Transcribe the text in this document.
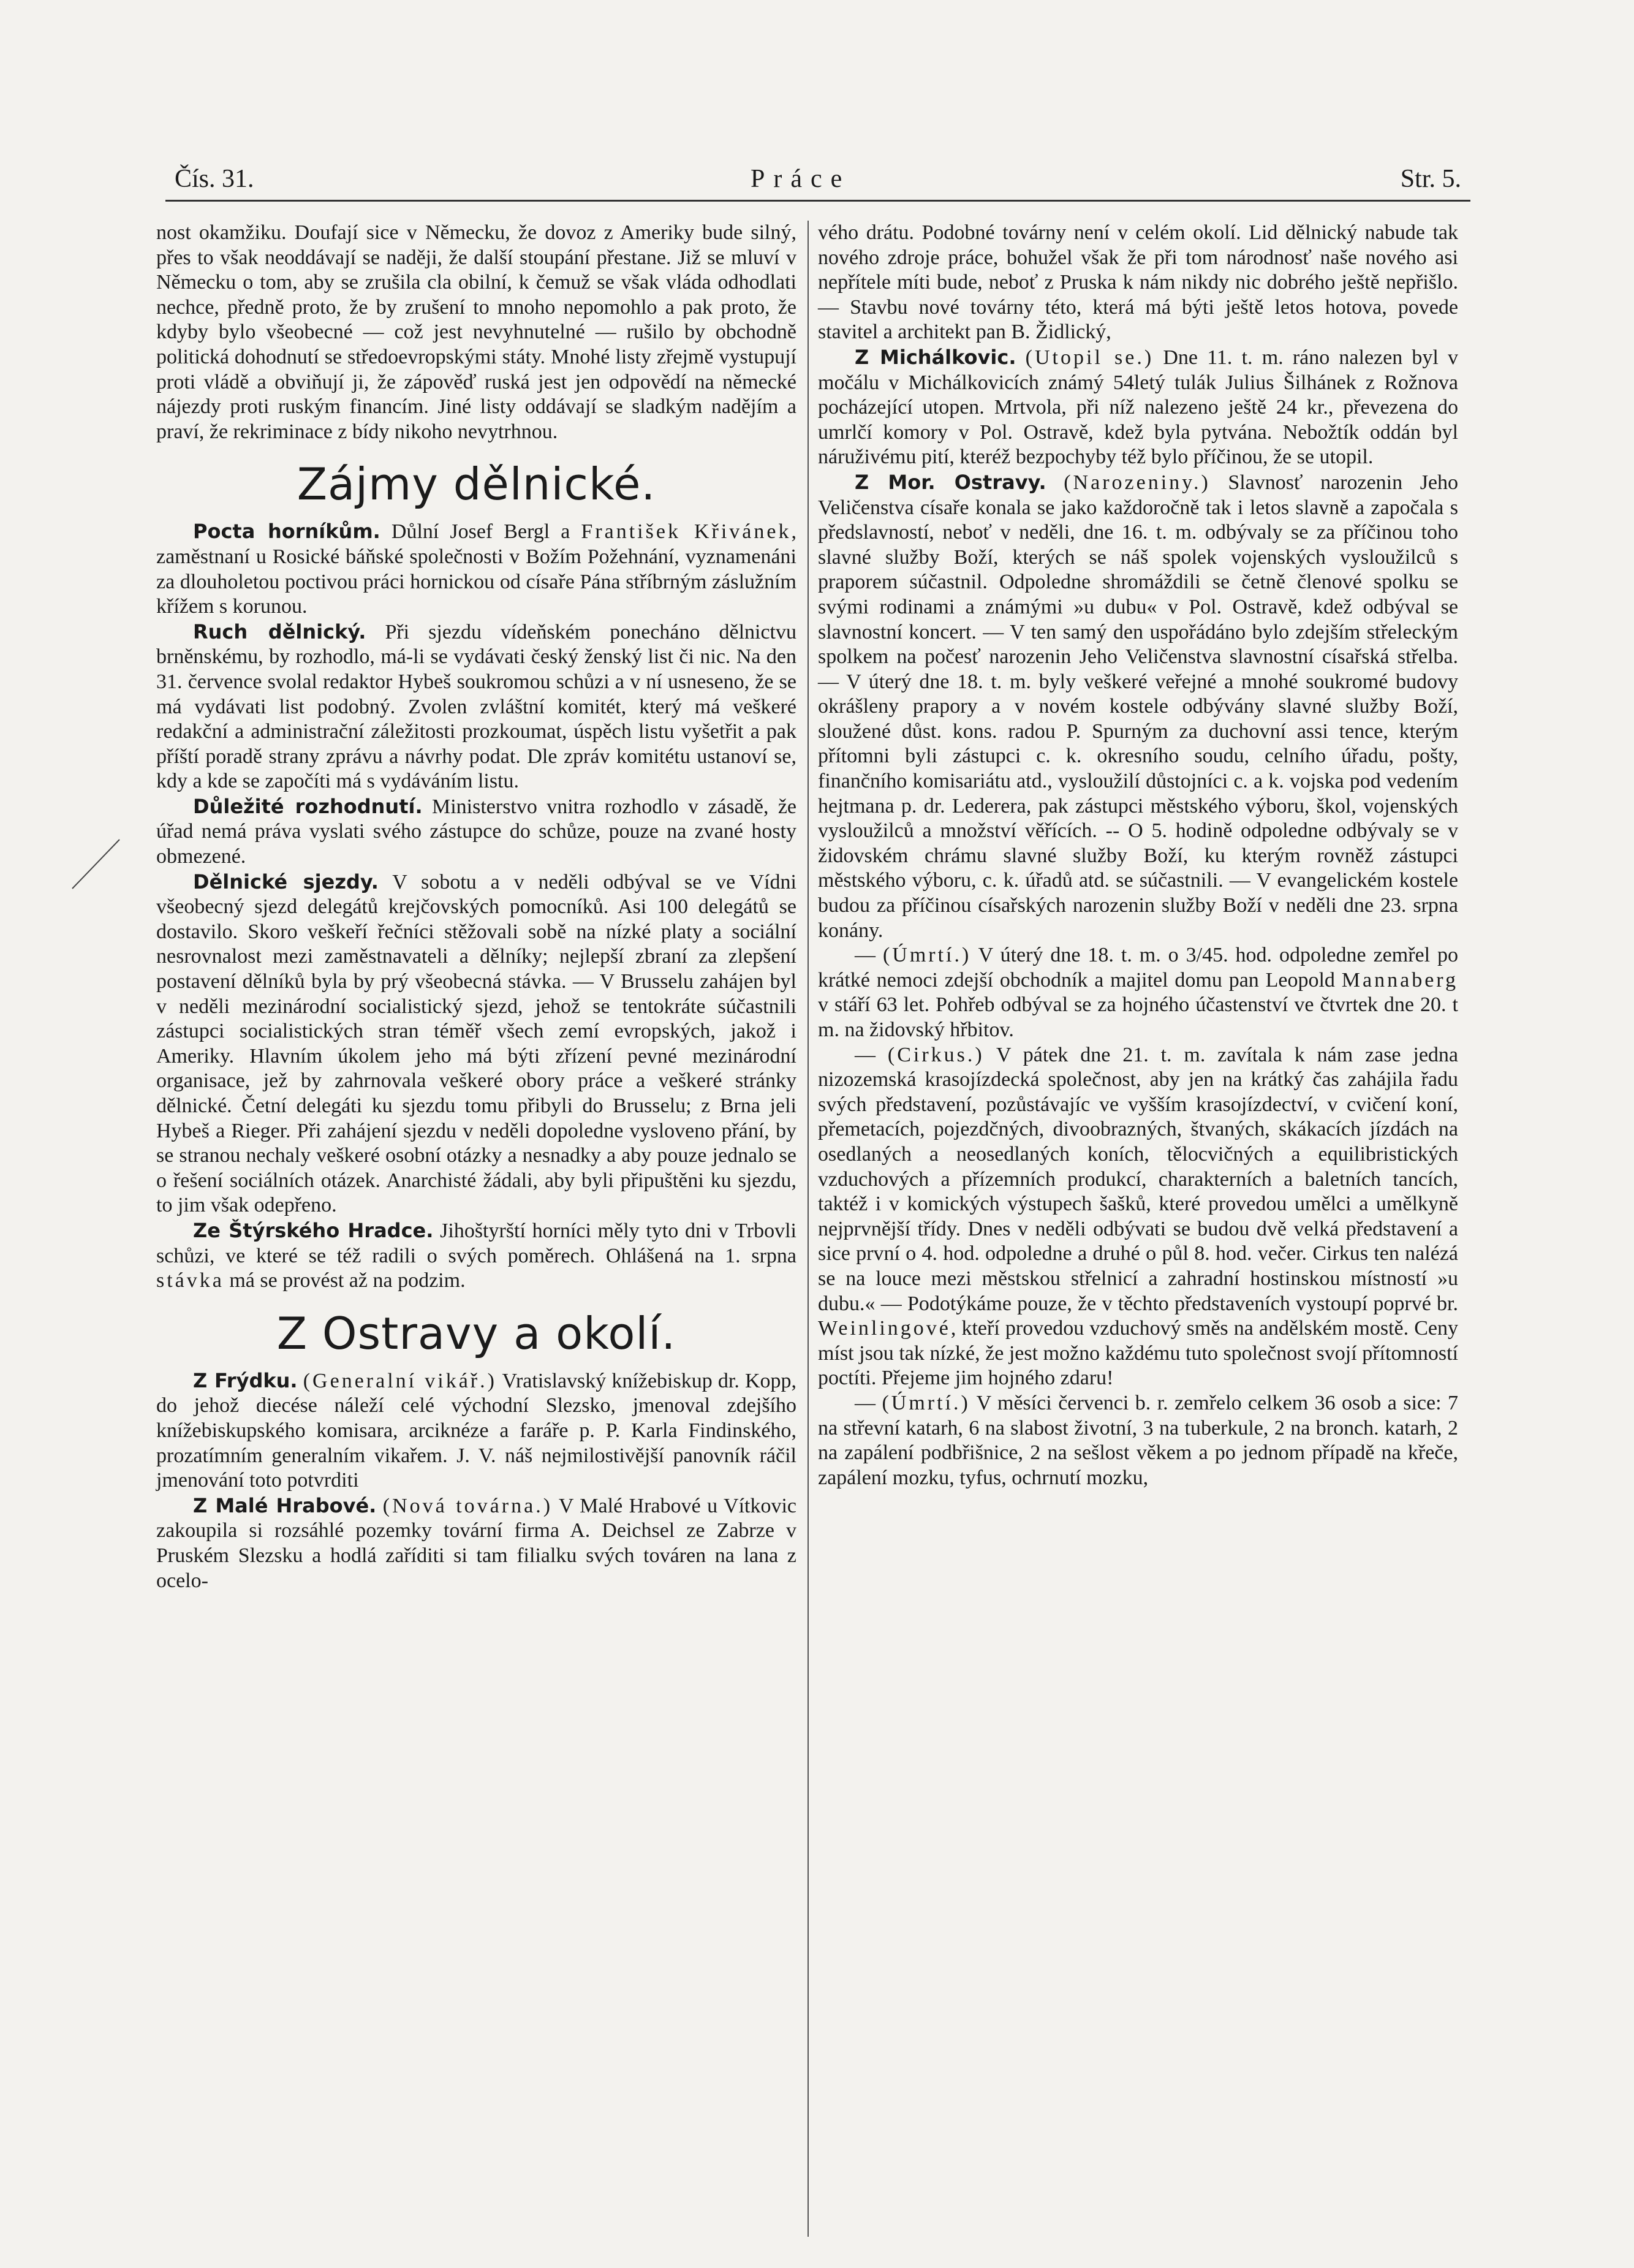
Čís. 31.	Práce	Str. 5.

nost okamžiku. Doufají sice v Německu, že dovoz z Ameriky bude silný, přes to však neoddávají se naději, že další stoupání přestane. Již se mluví v Německu o tom, aby se zrušila cla obilní, k čemuž se však vláda odhodlati nechce, předně proto, že by zrušení to mnoho nepomohlo a pak proto, že kdyby bylo všeobecné — což jest nevyhnutelné — rušilo by obchodně politická dohodnutí se středoevropskými státy. Mnohé listy zřejmě vystupují proti vládě a obviňují ji, že zápověď ruská jest jen odpovědí na německé nájezdy proti ruským financím. Jiné listy oddávají se sladkým nadějím a praví, že rekriminace z bídy nikoho nevytrhnou.

Zájmy dělnické.

Pocta horníkům. Důlní Josef Bergl a František Křivánek, zaměstnaní u Rosické báňské společnosti v Božím Požehnání, vyznamenáni za dlouholetou poctivou práci hornickou od císaře Pána stříbrným záslužním křížem s korunou.

Ruch dělnický. Při sjezdu vídeňském ponecháno dělnictvu brněnskému, by rozhodlo, má-li se vydávati český ženský list či nic. Na den 31. července svolal redaktor Hybeš soukromou schůzi a v ní usneseno, že se má vydávati list podobný. Zvolen zvláštní komitét, který má veškeré redakční a administrační záležitosti prozkoumat, úspěch listu vyšetřit a pak příští poradě strany zprávu a návrhy podat. Dle zpráv komitétu ustanoví se, kdy a kde se započíti má s vydáváním listu.

Důležité rozhodnutí. Ministerstvo vnitra rozhodlo v zásadě, že úřad nemá práva vyslati svého zástupce do schůze, pouze na zvané hosty obmezené.

Dělnické sjezdy. V sobotu a v neděli odbýval se ve Vídni všeobecný sjezd delegátů krejčovských pomocníků. Asi 100 delegátů se dostavilo. Skoro veškeří řečníci stěžovali sobě na nízké platy a sociální nesrovnalost mezi zaměstnavateli a dělníky; nejlepší zbraní za zlepšení postavení dělníků byla by prý všeobecná stávka. — V Brusselu zahájen byl v neděli mezinárodní socialistický sjezd, jehož se tentokráte súčastnili zástupci socialistických stran téměř všech zemí evropských, jakož i Ameriky. Hlavním úkolem jeho má býti zřízení pevné mezinárodní organisace, jež by zahrnovala veškeré obory práce a veškeré stránky dělnické. Četní delegáti ku sjezdu tomu přibyli do Brusselu; z Brna jeli Hybeš a Rieger. Při zahájení sjezdu v neděli dopoledne vysloveno přání, by se stranou nechaly veškeré osobní otázky a nesnadky a aby pouze jednalo se o řešení sociálních otázek. Anarchisté žádali, aby byli připuštěni ku sjezdu, to jim však odepřeno.

Ze Štýrského Hradce. Jihoštyrští horníci měly tyto dni v Trbovli schůzi, ve které se též radili o svých poměrech. Ohlášená na 1. srpna stávka má se provést až na podzim.

Z Ostravy a okolí.

Z Frýdku. (Generalní vikář.) Vratislavský knížebiskup dr. Kopp, do jehož diecése náleží celé východní Slezsko, jmenoval zdejšího knížebiskupského komisara, arciknéze a faráře p. P. Karla Findinského, prozatímním generalním vikařem. J. V. náš nejmilostivější panovník ráčil jmenování toto potvrditi

Z Malé Hrabové. (Nová továrna.) V Malé Hrabové u Vítkovic zakoupila si rozsáhlé pozemky tovární firma A. Deichsel ze Zabrze v Pruském Slezsku a hodlá zaříditi si tam filialku svých továren na lana z ocelo-

vého drátu. Podobné továrny není v celém okolí. Lid dělnický nabude tak nového zdroje práce, bohužel však že při tom národnosť naše nového asi nepřítele míti bude, neboť z Pruska k nám nikdy nic dobrého ještě nepřišlo. — Stavbu nové továrny této, která má býti ještě letos hotova, povede stavitel a architekt pan B. Židlický,

Z Michálkovic. (Utopil se.) Dne 11. t. m. ráno nalezen byl v močálu v Michálkovicích známý 54letý tulák Julius Šilhánek z Rožnova pocházející utopen. Mrtvola, při níž nalezeno ještě 24 kr., převezena do umrlčí komory v Pol. Ostravě, kdež byla pytvána. Nebožtík oddán byl náruživému pití, kteréž bezpochyby též bylo příčinou, že se utopil.

Z Mor. Ostravy. (Narozeniny.) Slavnosť narozenin Jeho Veličenstva císaře konala se jako každoročně tak i letos slavně a započala s předslavností, neboť v neděli, dne 16. t. m. odbývaly se za příčinou toho slavné služby Boží, kterých se náš spolek vojenských vysloužilců s praporem súčastnil. Odpoledne shromáždili se četně členové spolku se svými rodinami a známými »u dubu« v Pol. Ostravě, kdež odbýval se slavnostní koncert. — V ten samý den uspořádáno bylo zdejším střeleckým spolkem na počesť narozenin Jeho Veličenstva slavnostní císařská střelba. — V úterý dne 18. t. m. byly veškeré veřejné a mnohé soukromé budovy okrášleny prapory a v novém kostele odbývány slavné služby Boží, sloužené důst. kons. radou P. Spurným za duchovní assi tence, kterým přítomni byli zástupci c. k. okresního soudu, celního úřadu, pošty, finančního komisariátu atd., vysloužilí důstojníci c. a k. vojska pod vedením hejtmana p. dr. Lederera, pak zástupci městského výboru, škol, vojenských vysloužilců a množství věřících. -- O 5. hodině odpoledne odbývaly se v židovském chrámu slavné služby Boží, ku kterým rovněž zástupci městského výboru, c. k. úřadů atd. se súčastnili. — V evangelickém kostele budou za příčinou císařských narozenin služby Boží v neděli dne 23. srpna konány.

— (Úmrtí.) V úterý dne 18. t. m. o 3/45. hod. odpoledne zemřel po krátké nemoci zdejší obchodník a majitel domu pan Leopold Mannaberg v stáří 63 let. Pohřeb odbýval se za hojného účastenství ve čtvrtek dne 20. t m. na židovský hřbitov.

— (Cirkus.) V pátek dne 21. t. m. zavítala k nám zase jedna nizozemská krasojízdecká společnost, aby jen na krátký čas zahájila řadu svých představení, pozůstávajíc ve vyšším krasojízdectví, v cvičení koní, přemetacích, pojezdčných, divoobrazných, štvaných, skákacích jízdách na osedlaných a neosedlaných koních, tělocvičných a equilibristických vzduchových a přízemních produkcí, charakterních a baletních tancích, taktéž i v komických výstupech šašků, které provedou umělci a umělkyně nejprvnější třídy. Dnes v neděli odbývati se budou dvě velká představení a sice první o 4. hod. odpoledne a druhé o půl 8. hod. večer. Cirkus ten nalézá se na louce mezi městskou střelnicí a zahradní hostinskou místností »u dubu.« — Podotýkáme pouze, že v těchto představeních vystoupí poprvé br. Weinlingové, kteří provedou vzduchový směs na andělském mostě. Ceny míst jsou tak nízké, že jest možno každému tuto společnost svojí přítomností poctíti. Přejeme jim hojného zdaru!

— (Úmrtí.) V měsíci červenci b. r. zemřelo celkem 36 osob a sice: 7 na střevní katarh, 6 na slabost životní, 3 na tuberkule, 2 na bronch. katarh, 2 na zapálení podbřišnice, 2 na sešlost věkem a po jednom případě na křeče, zapálení mozku, tyfus, ochrnutí mozku,
